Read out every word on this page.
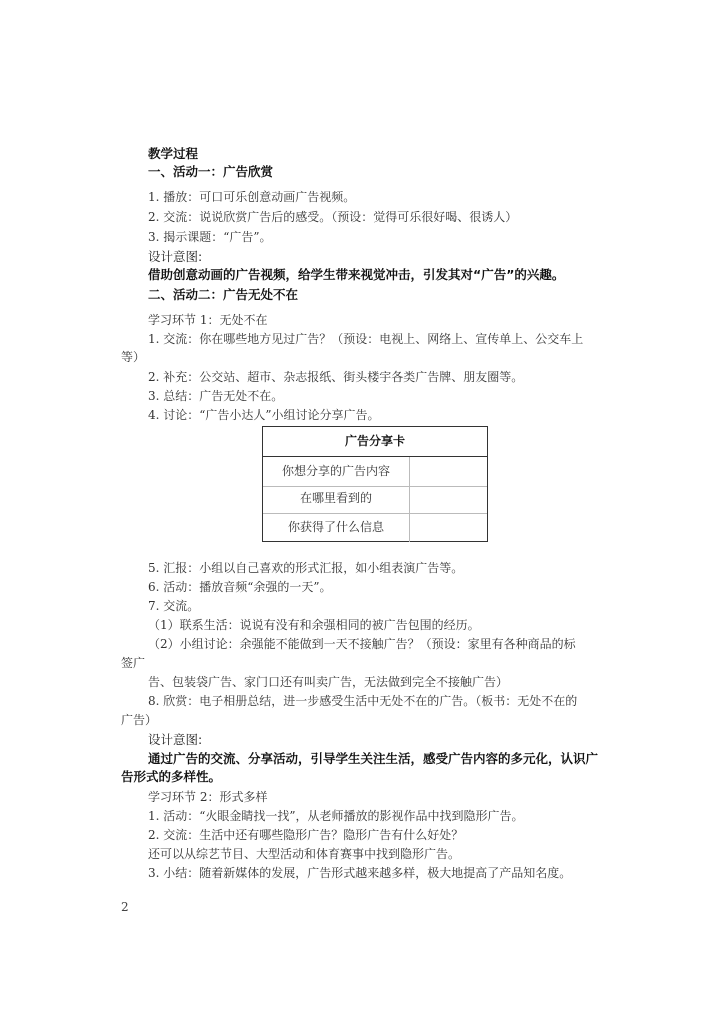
教学过程
一、活动一：广告欣赏
1. 播放：可口可乐创意动画广告视频。
2. 交流：说说欣赏广告后的感受。（预设：觉得可乐很好喝、很诱人）
3. 揭示课题：“广告”。
设计意图:
借助创意动画的广告视频，给学生带来视觉冲击，引发其对“广告”的兴趣。
二、活动二：广告无处不在
学习环节 1：无处不在
1. 交流：你在哪些地方见过广告？（预设：电视上、网络上、宣传单上、公交车上
等）
2. 补充：公交站、超市、杂志报纸、街头楼宇各类广告牌、朋友圈等。
3. 总结：广告无处不在。
4. 讨论：“广告小达人”小组讨论分享广告。
广告分享卡
你想分享的广告内容
在哪里看到的
你获得了什么信息
5. 汇报：小组以自己喜欢的形式汇报，如小组表演广告等。
6. 活动：播放音频“余强的一天”。
7. 交流。
（1）联系生活：说说有没有和余强相同的被广告包围的经历。
（2）小组讨论：余强能不能做到一天不接触广告？（预设：家里有各种商品的标
签广
告、包装袋广告、家门口还有叫卖广告，无法做到完全不接触广告）
8. 欣赏：电子相册总结，进一步感受生活中无处不在的广告。（板书：无处不在的
广告）
设计意图:
通过广告的交流、分享活动，引导学生关注生活，感受广告内容的多元化，认识广
告形式的多样性。
学习环节 2：形式多样
1. 活动：“火眼金睛找一找”，从老师播放的影视作品中找到隐形广告。
2. 交流：生活中还有哪些隐形广告？隐形广告有什么好处？
还可以从综艺节目、大型活动和体育赛事中找到隐形广告。
3. 小结：随着新媒体的发展，广告形式越来越多样，极大地提高了产品知名度。
2
